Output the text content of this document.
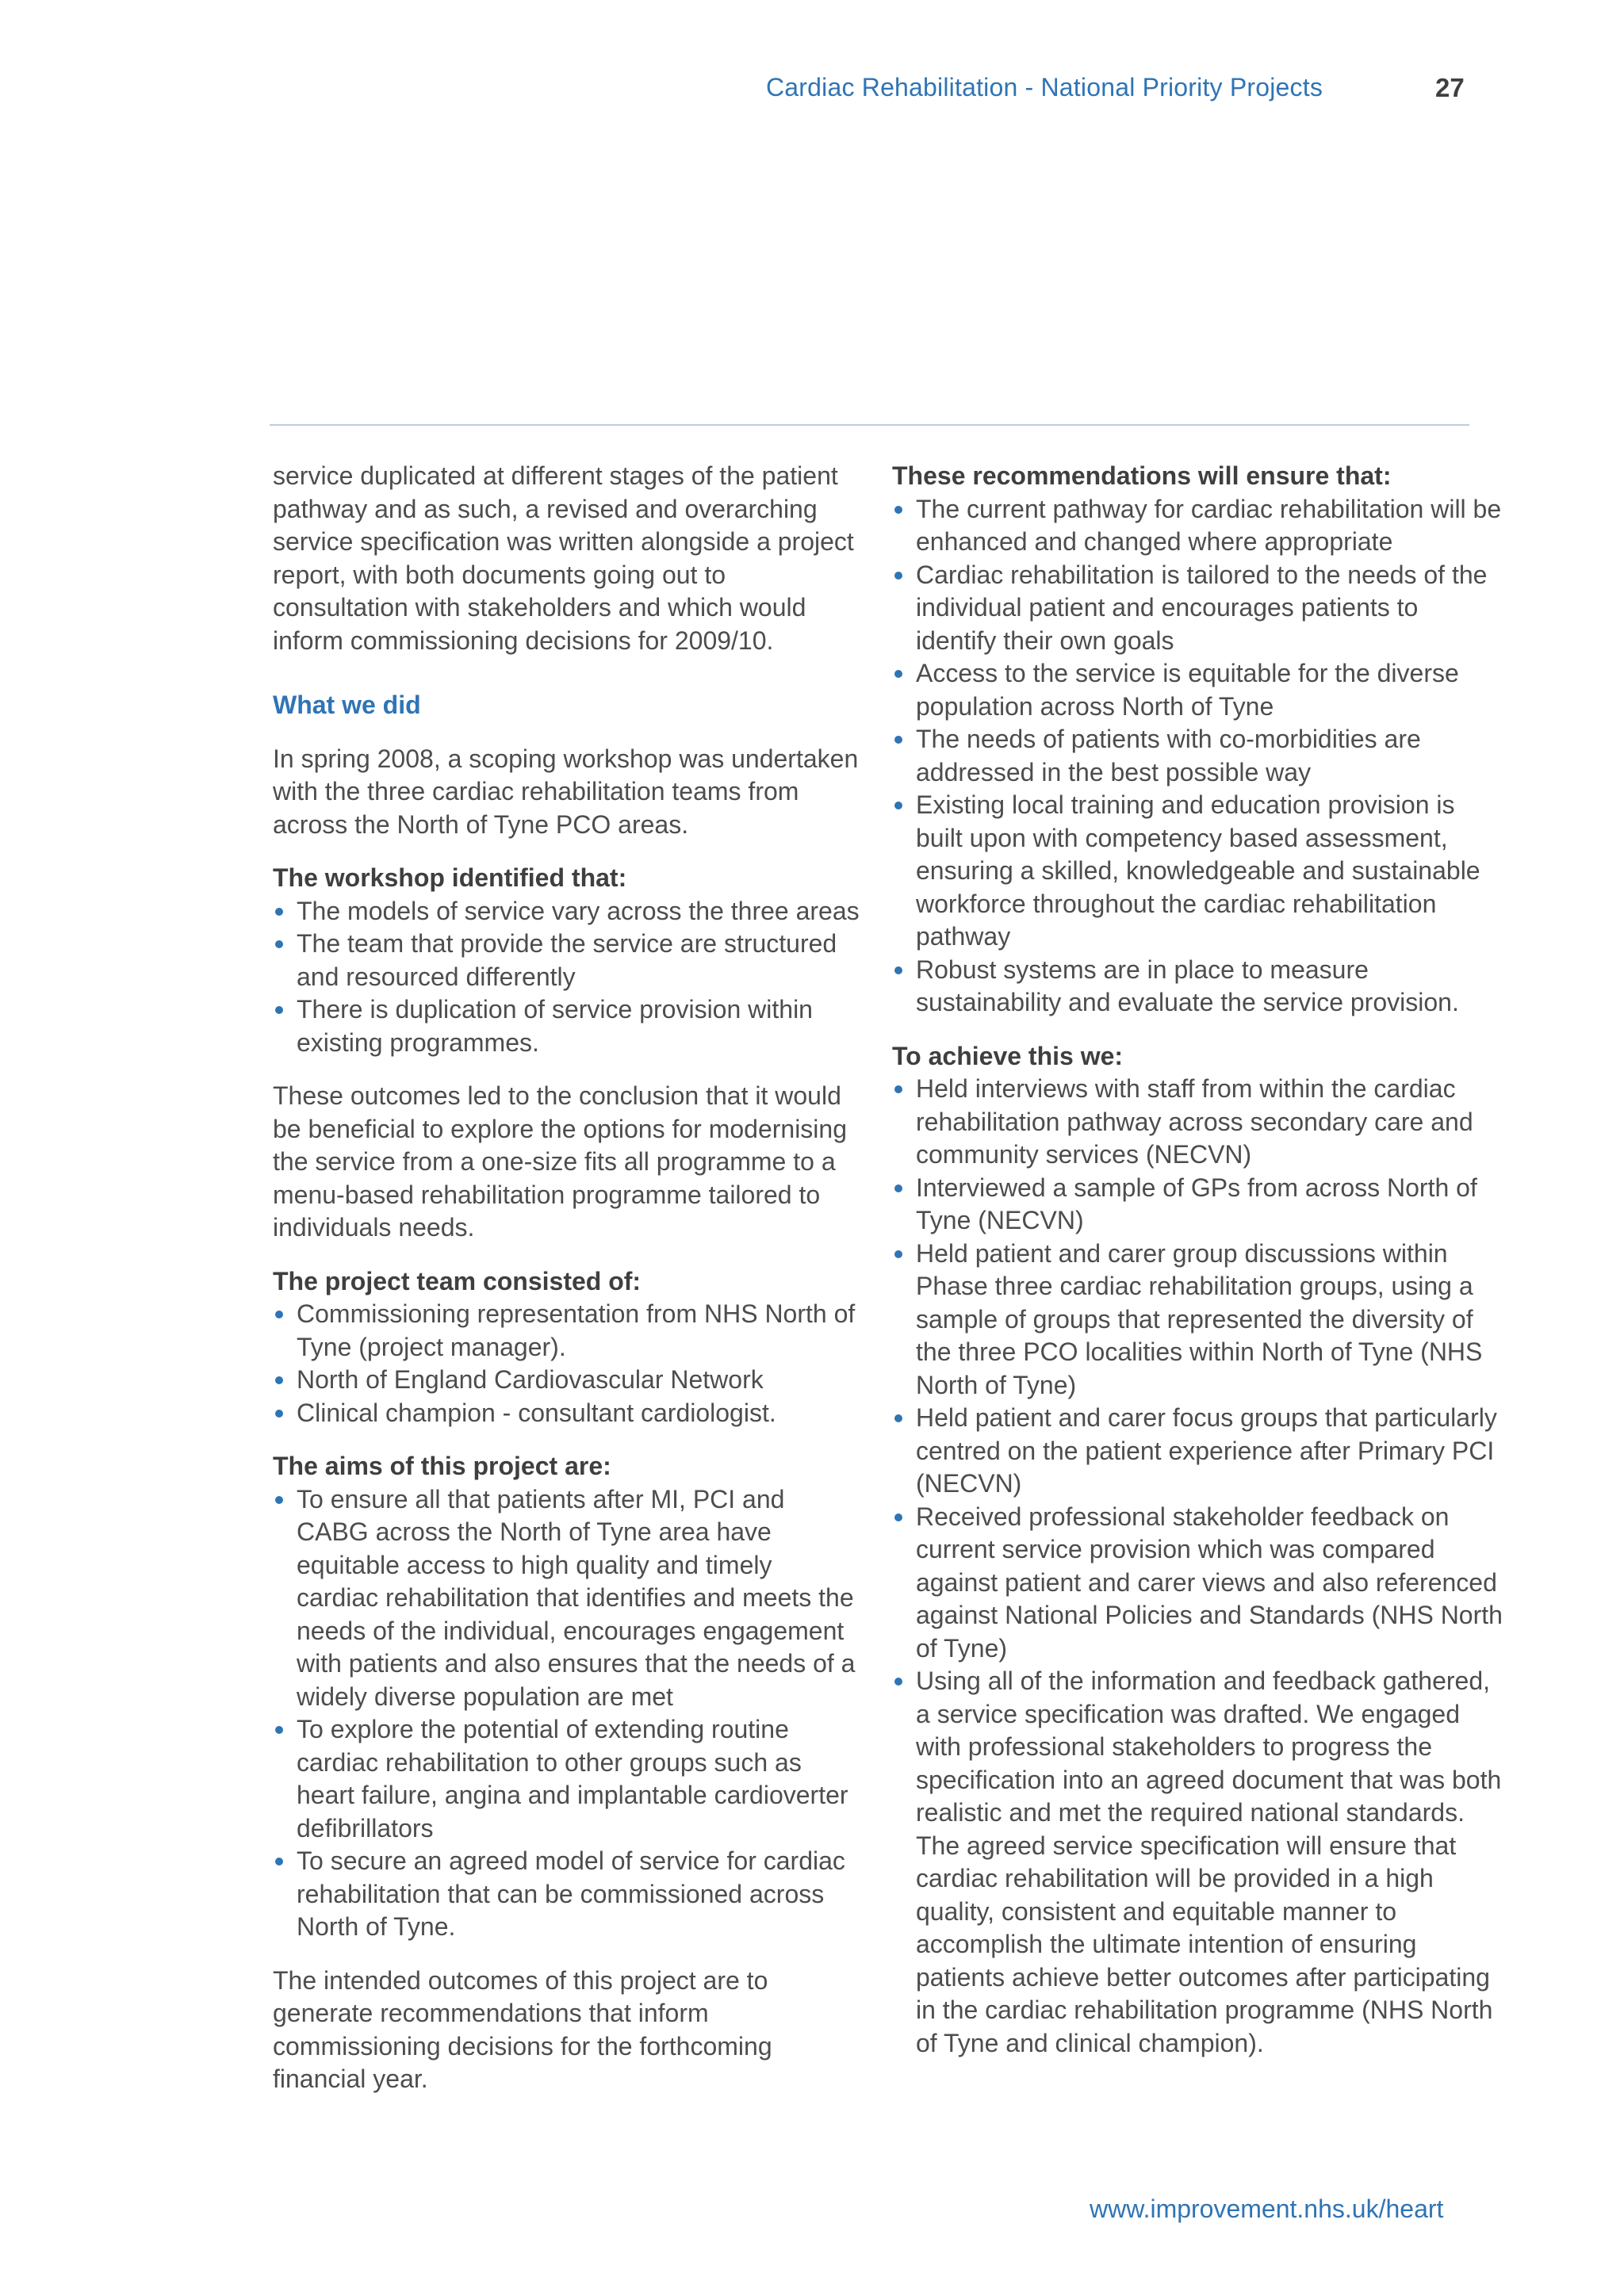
Cardiac Rehabilitation - National Priority Projects	27

service duplicated at different stages of the patient pathway and as such, a revised and overarching service specification was written alongside a project report, with both documents going out to consultation with stakeholders and which would inform commissioning decisions for 2009/10.

What we did

In spring 2008, a scoping workshop was undertaken with the three cardiac rehabilitation teams from across the North of Tyne PCO areas.

The workshop identified that:

The models of service vary across the three areas
The team that provide the service are structured and resourced differently
There is duplication of service provision within existing programmes.

These outcomes led to the conclusion that it would be beneficial to explore the options for modernising the service from a one-size fits all programme to a menu-based rehabilitation programme tailored to individuals needs.

The project team consisted of:

Commissioning representation from NHS North of Tyne (project manager).
North of England Cardiovascular Network
Clinical champion - consultant cardiologist.

The aims of this project are:

To ensure all that patients after MI, PCI and CABG across the North of Tyne area have equitable access to high quality and timely cardiac rehabilitation that identifies and meets the needs of the individual, encourages engagement with patients and also ensures that the needs of a widely diverse population are met
To explore the potential of extending routine cardiac rehabilitation to other groups such as heart failure, angina and implantable cardioverter defibrillators
To secure an agreed model of service for cardiac rehabilitation that can be commissioned across North of Tyne.

The intended outcomes of this project are to generate recommendations that inform commissioning decisions for the forthcoming financial year.

These recommendations will ensure that:

The current pathway for cardiac rehabilitation will be enhanced and changed where appropriate
Cardiac rehabilitation is tailored to the needs of the individual patient and encourages patients to identify their own goals
Access to the service is equitable for the diverse population across North of Tyne
The needs of patients with co-morbidities are addressed in the best possible way
Existing local training and education provision is built upon with competency based assessment, ensuring a skilled, knowledgeable and sustainable workforce throughout the cardiac rehabilitation pathway
Robust systems are in place to measure sustainability and evaluate the service provision.

To achieve this we:

Held interviews with staff from within the cardiac rehabilitation pathway across secondary care and community services (NECVN)
Interviewed a sample of GPs from across North of Tyne (NECVN)
Held patient and carer group discussions within Phase three cardiac rehabilitation groups, using a sample of groups that represented the diversity of the three PCO localities within North of Tyne (NHS North of Tyne)
Held patient and carer focus groups that particularly centred on the patient experience after Primary PCI (NECVN)
Received professional stakeholder feedback on current service provision which was compared against patient and carer views and also referenced against National Policies and Standards (NHS North of Tyne)
Using all of the information and feedback gathered, a service specification was drafted. We engaged with professional stakeholders to progress the specification into an agreed document that was both realistic and met the required national standards. The agreed service specification will ensure that cardiac rehabilitation will be provided in a high quality, consistent and equitable manner to accomplish the ultimate intention of ensuring patients achieve better outcomes after participating in the cardiac rehabilitation programme (NHS North of Tyne and clinical champion).
www.improvement.nhs.uk/heart
